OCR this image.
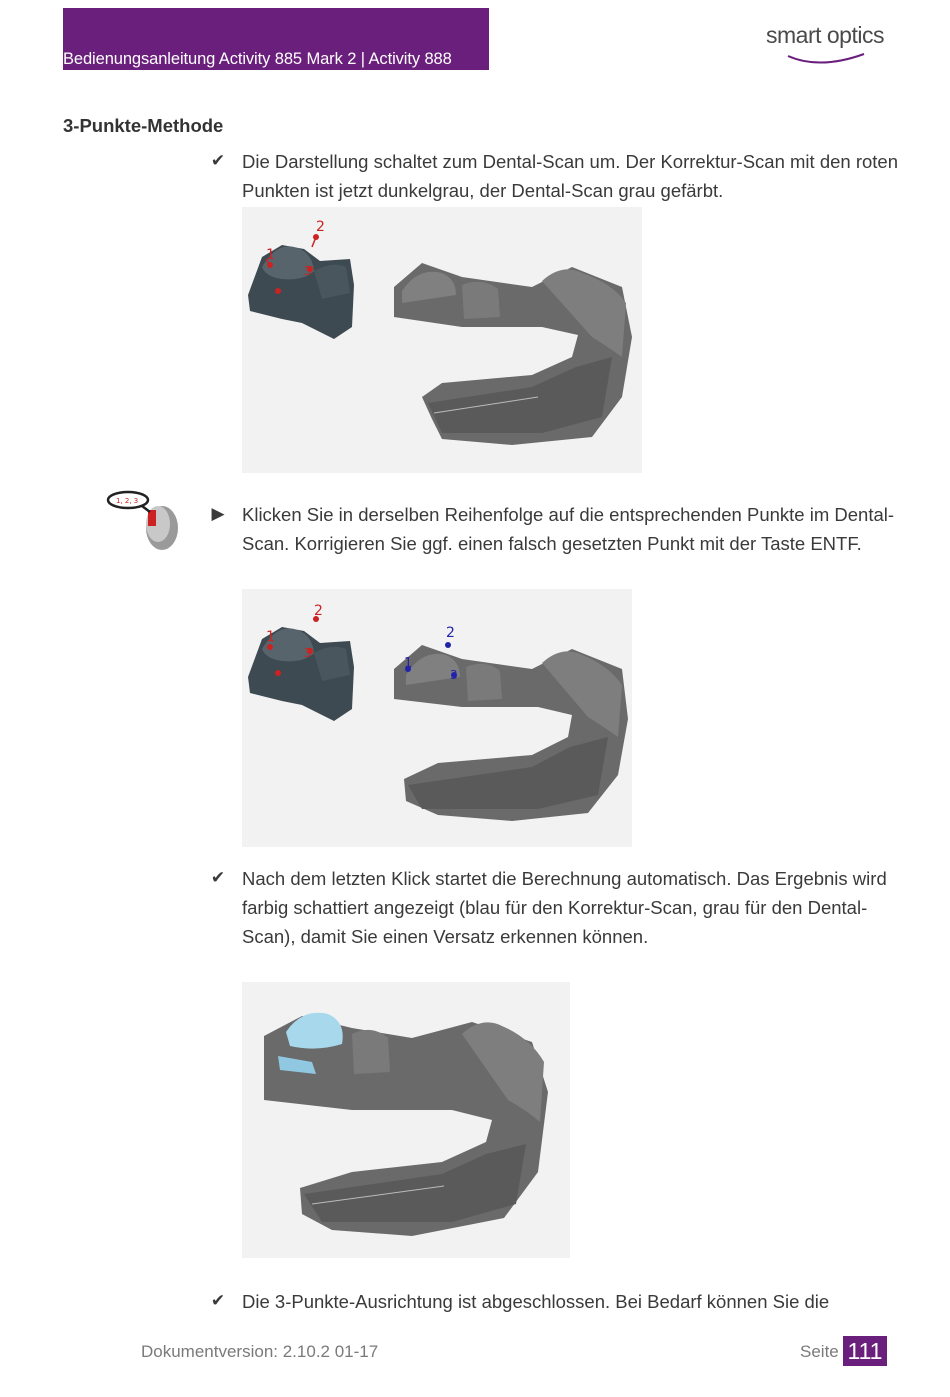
Bedienungsanleitung Activity 885 Mark 2 | Activity 888
smart optics
3-Punkte-Methode
✔ Die Darstellung schaltet zum Dental-Scan um. Der Korrektur-Scan mit den roten Punkten ist jetzt dunkelgrau, der Dental-Scan grau gefärbt.
1
2
3
1, 2, 3
▶ Klicken Sie in derselben Reihenfolge auf die entsprechenden Punkte im Dental-Scan. Korrigieren Sie ggf. einen falsch gesetzten Punkt mit der Taste ENTF.
1
2
3
1
2
3
✔ Nach dem letzten Klick startet die Berechnung automatisch. Das Ergebnis wird farbig schattiert angezeigt (blau für den Korrektur-Scan, grau für den Dental-Scan), damit Sie einen Versatz erkennen können.
✔ Die 3-Punkte-Ausrichtung ist abgeschlossen. Bei Bedarf können Sie die
Dokumentversion: 2.10.2 01-17	Seite 111
